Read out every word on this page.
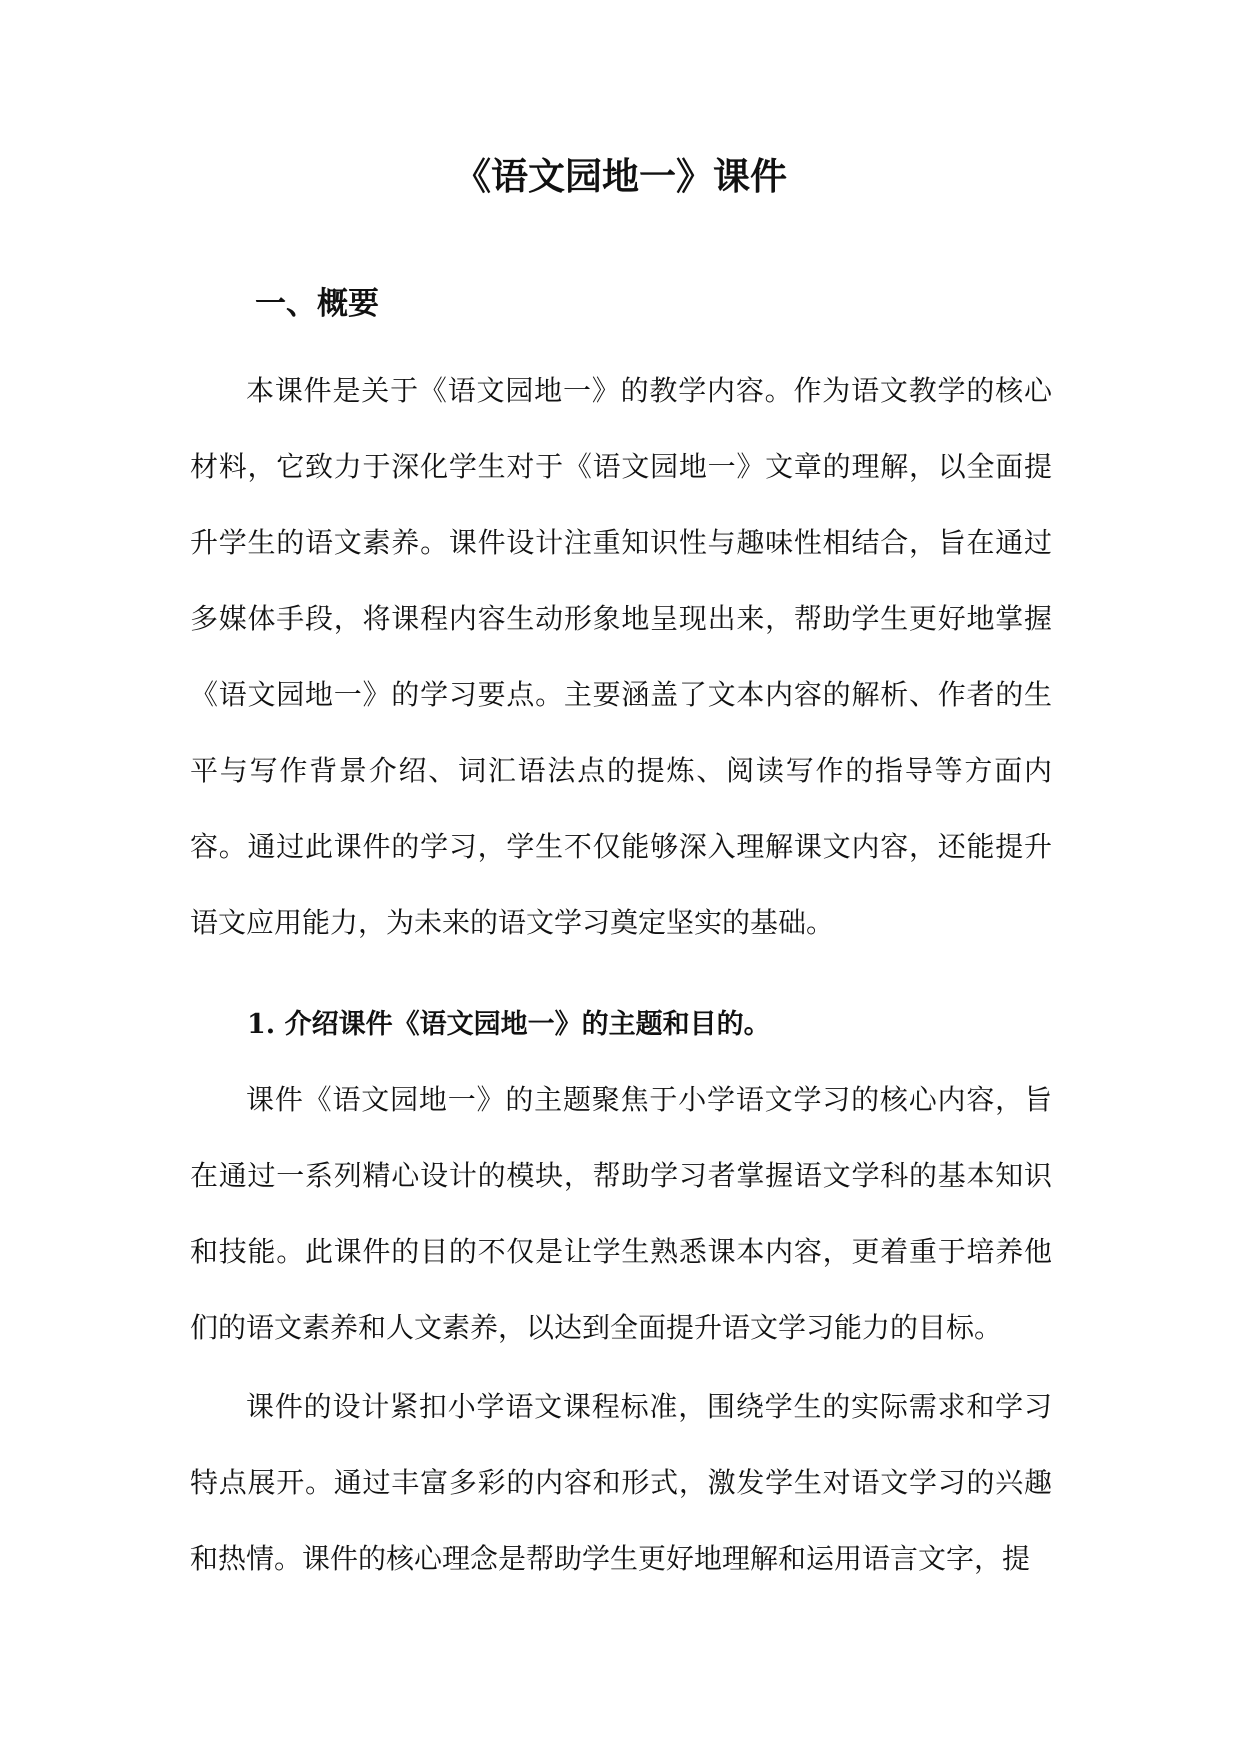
《语文园地一》课件
一、概要

本课件是关于《语文园地一》的教学内容。作为语文教学的核心材料，它致力于深化学生对于《语文园地一》文章的理解，以全面提升学生的语文素养。课件设计注重知识性与趣味性相结合，旨在通过多媒体手段，将课程内容生动形象地呈现出来，帮助学生更好地掌握《语文园地一》的学习要点。主要涵盖了文本内容的解析、作者的生平与写作背景介绍、词汇语法点的提炼、阅读写作的指导等方面内容。通过此课件的学习，学生不仅能够深入理解课文内容，还能提升语文应用能力，为未来的语文学习奠定坚实的基础。

1. 介绍课件《语文园地一》的主题和目的。

课件《语文园地一》的主题聚焦于小学语文学习的核心内容，旨在通过一系列精心设计的模块，帮助学习者掌握语文学科的基本知识和技能。此课件的目的不仅是让学生熟悉课本内容，更着重于培养他们的语文素养和人文素养，以达到全面提升语文学习能力的目标。

课件的设计紧扣小学语文课程标准，围绕学生的实际需求和学习特点展开。通过丰富多彩的内容和形式，激发学生对语文学习的兴趣和热情。课件的核心理念是帮助学生更好地理解和运用语言文字，提
